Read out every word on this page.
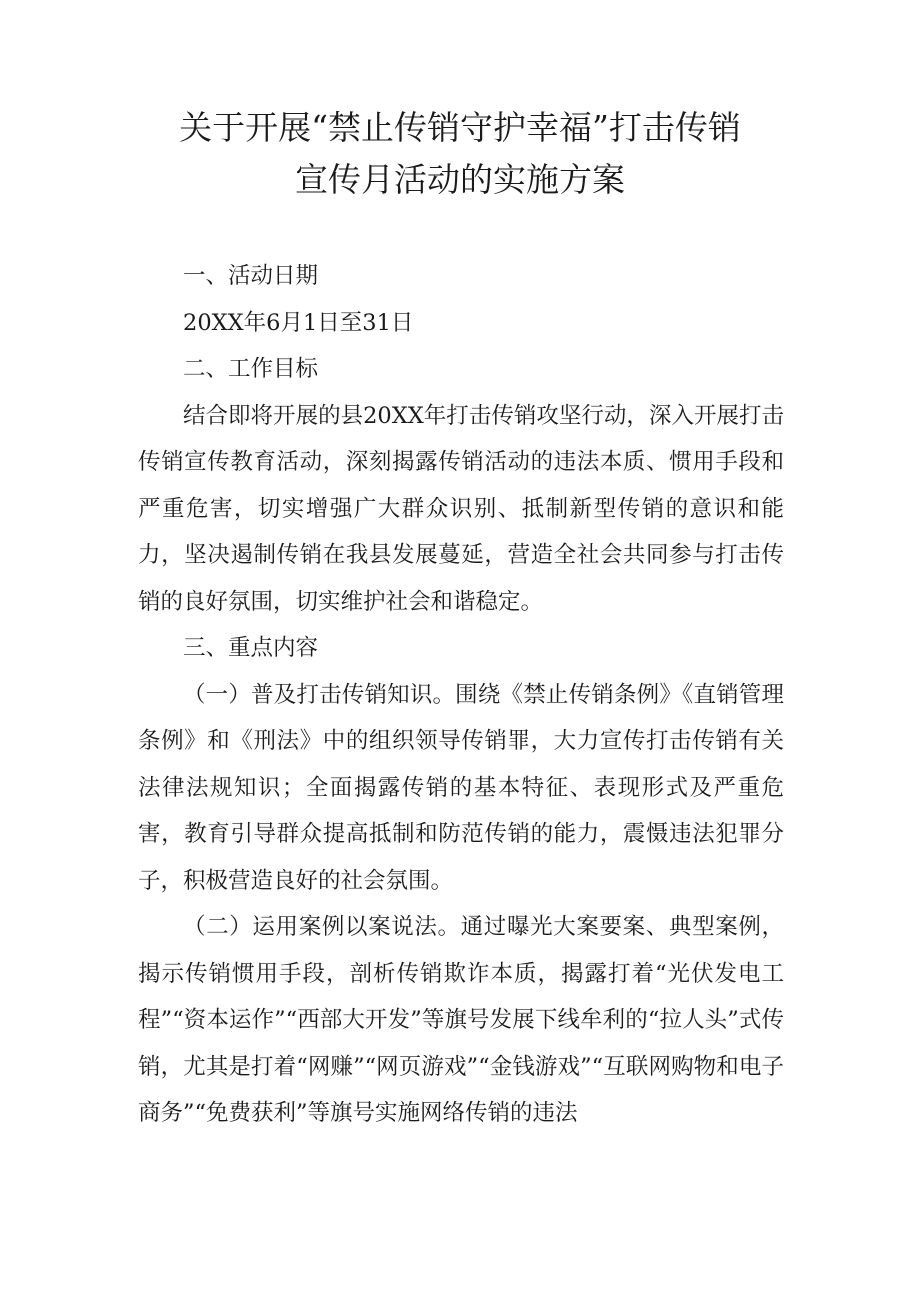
关于开展“禁止传销守护幸福”打击传销
宣传月活动的实施方案

一、活动日期

20XX年6月1日至31日

二、工作目标

结合即将开展的县20XX年打击传销攻坚行动，深入开展打击传销宣传教育活动，深刻揭露传销活动的违法本质、惯用手段和严重危害，切实增强广大群众识别、抵制新型传销的意识和能力，坚决遏制传销在我县发展蔓延，营造全社会共同参与打击传销的良好氛围，切实维护社会和谐稳定。

三、重点内容

（一）普及打击传销知识。围绕《禁止传销条例》《直销管理条例》和《刑法》中的组织领导传销罪，大力宣传打击传销有关法律法规知识；全面揭露传销的基本特征、表现形式及严重危害，教育引导群众提高抵制和防范传销的能力，震慑违法犯罪分子，积极营造良好的社会氛围。

（二）运用案例以案说法。通过曝光大案要案、典型案例，揭示传销惯用手段，剖析传销欺诈本质，揭露打着“光伏发电工程”“资本运作”“西部大开发”等旗号发展下线牟利的“拉人头”式传销，尤其是打着“网赚”“网页游戏”“金钱游戏”“互联网购物和电子商务”“免费获利”等旗号实施网络传销的违法
